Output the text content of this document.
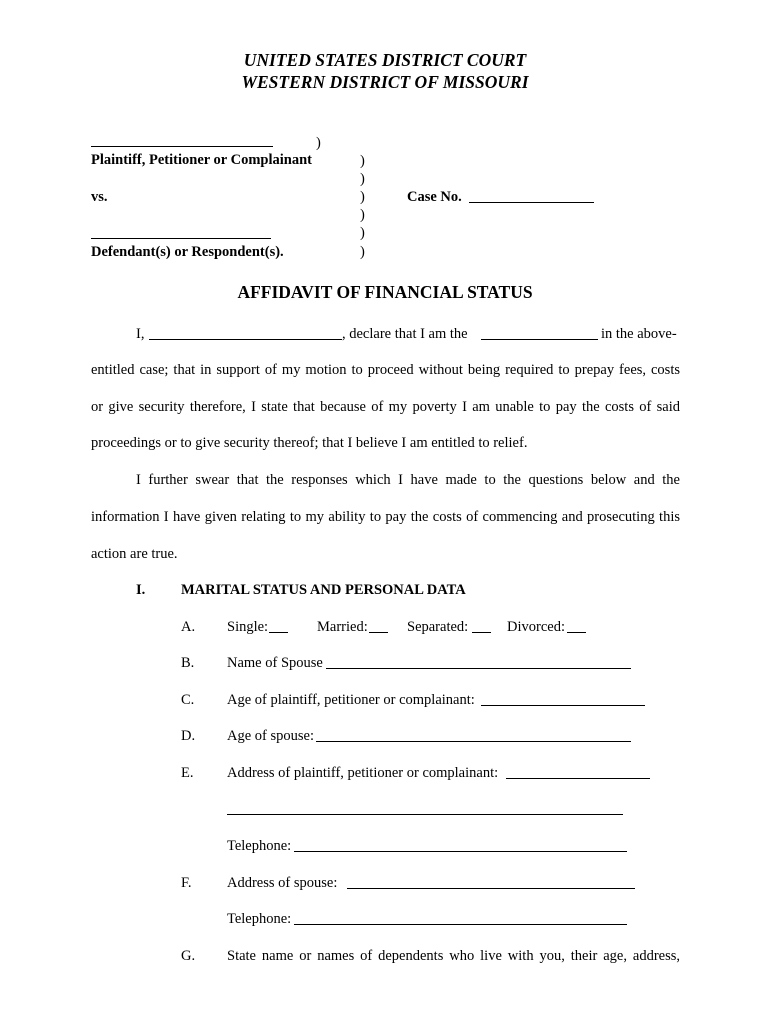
UNITED STATES DISTRICT COURT
WESTERN DISTRICT OF MISSOURI
)
Plaintiff, Petitioner or Complainant	)
)
vs.	)	Case No.
)
)
Defendant(s) or Respondent(s).	)
AFFIDAVIT OF FINANCIAL STATUS
I,	, declare that I am the	in the above-
entitled case; that in support of my motion to proceed without being required to prepay fees, costs
or give security therefore, I state that because of my poverty I am unable to pay the costs of said
proceedings or to give security thereof; that I believe I am entitled to relief.
I further swear that the responses which I have made to the questions below and the
information I have given relating to my ability to pay the costs of commencing and prosecuting this
action are true.
I. MARITAL STATUS AND PERSONAL DATA
A. Single:	Married:	Separated:	Divorced:
B. Name of Spouse
C. Age of plaintiff, petitioner or complainant:
D. Age of spouse:
E. Address of plaintiff, petitioner or complainant:
Telephone:
F. Address of spouse:
Telephone:
G. State name or names of dependents who live with you, their age, address,
